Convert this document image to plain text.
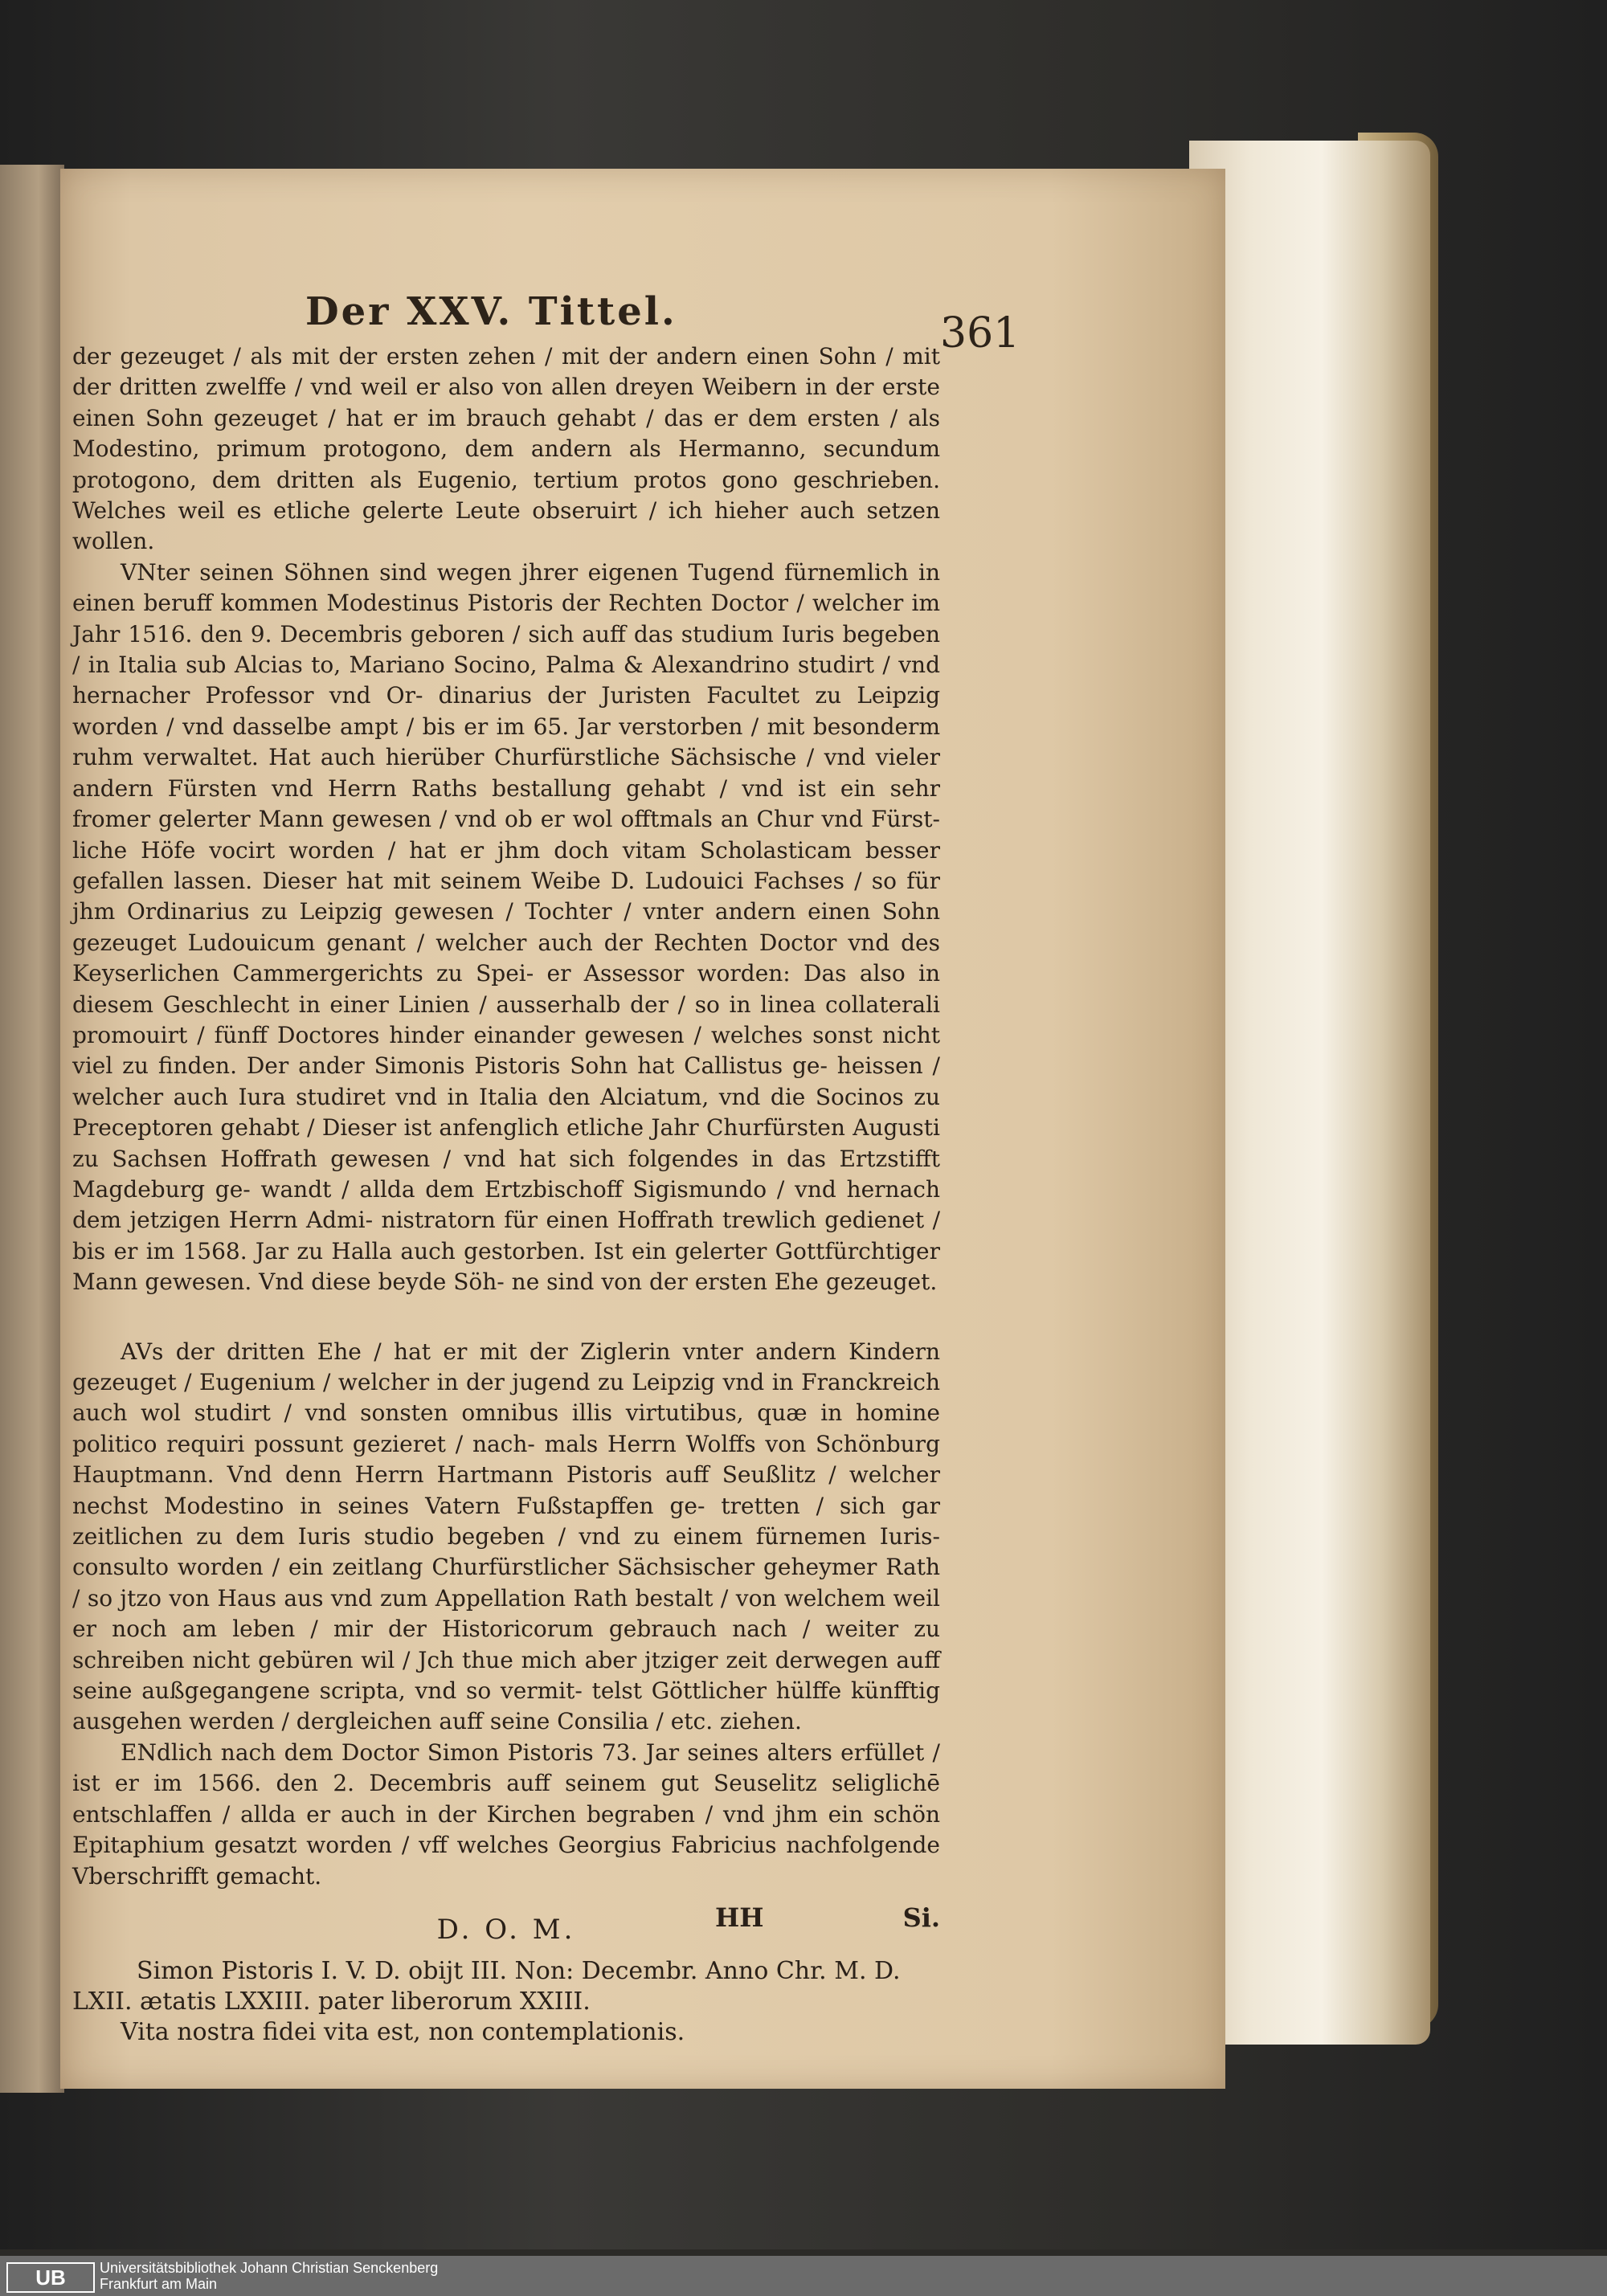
Der XXV. Tittel.	361

der gezeuget / als mit der ersten zehen / mit der andern einen Sohn / mit der dritten zwelffe / vnd weil er also von allen dreyen Weibern in der erste einen Sohn gezeuget / hat er im brauch gehabt / das er dem ersten / als Modestino, primum protogono, dem andern als Hermanno, secundum protogono, dem dritten als Eugenio, tertium protos gono geschrieben. Welches weil es etliche gelerte Leute obseruirt / ich hieher auch setzen wollen.

VNter seinen Söhnen sind wegen jhrer eigenen Tugend fürnemlich in einen beruff kommen Modestinus Pistoris der Rechten Doctor / welcher im Jahr 1516. den 9. Decembris geboren / sich auff das studium Iuris begeben / in Italia sub Alcias to, Mariano Socino, Palma & Alexandrino studirt / vnd hernacher Professor vnd Or- dinarius der Juristen Facultet zu Leipzig worden / vnd dasselbe ampt / bis er im 65. Jar verstorben / mit besonderm ruhm verwaltet. Hat auch hierüber Churfürstliche Sächsische / vnd vieler andern Fürsten vnd Herrn Raths bestallung gehabt / vnd ist ein sehr fromer gelerter Mann gewesen / vnd ob er wol offtmals an Chur vnd Fürst- liche Höfe vocirt worden / hat er jhm doch vitam Scholasticam besser gefallen lassen. Dieser hat mit seinem Weibe D. Ludouici Fachses / so für jhm Ordinarius zu Leipzig gewesen / Tochter / vnter andern einen Sohn gezeuget Ludouicum genant / welcher auch der Rechten Doctor vnd des Keyserlichen Cammergerichts zu Spei- er Assessor worden: Das also in diesem Geschlecht in einer Linien / ausserhalb der / so in linea collaterali promouirt / fünff Doctores hinder einander gewesen / welches sonst nicht viel zu finden. Der ander Simonis Pistoris Sohn hat Callistus ge- heissen / welcher auch Iura studiret vnd in Italia den Alciatum, vnd die Socinos zu Preceptoren gehabt / Dieser ist anfenglich etliche Jahr Churfürsten Augusti zu Sachsen Hoffrath gewesen / vnd hat sich folgendes in das Ertzstifft Magdeburg ge- wandt / allda dem Ertzbischoff Sigismundo / vnd hernach dem jetzigen Herrn Admi- nistratorn für einen Hoffrath trewlich gedienet / bis er im 1568. Jar zu Halla auch gestorben. Ist ein gelerter Gottfürchtiger Mann gewesen. Vnd diese beyde Söh- ne sind von der ersten Ehe gezeuget.

AVs der dritten Ehe / hat er mit der Ziglerin vnter andern Kindern gezeuget / Eugenium / welcher in der jugend zu Leipzig vnd in Franckreich auch wol studirt / vnd sonsten omnibus illis virtutibus, quæ in homine politico requiri possunt gezieret / nach- mals Herrn Wolffs von Schönburg Hauptmann. Vnd denn Herrn Hartmann Pistoris auff Seußlitz / welcher nechst Modestino in seines Vatern Fußstapffen ge- tretten / sich gar zeitlichen zu dem Iuris studio begeben / vnd zu einem fürnemen Iuris- consulto worden / ein zeitlang Churfürstlicher Sächsischer geheymer Rath / so jtzo von Haus aus vnd zum Appellation Rath bestalt / von welchem weil er noch am leben / mir der Historicorum gebrauch nach / weiter zu schreiben nicht gebüren wil / Jch thue mich aber jtziger zeit derwegen auff seine außgegangene scripta, vnd so vermit- telst Göttlicher hülffe künfftig ausgehen werden / dergleichen auff seine Consilia / etc. ziehen.

ENdlich nach dem Doctor Simon Pistoris 73. Jar seines alters erfüllet / ist er im 1566. den 2. Decembris auff seinem gut Seuselitz seliglichē entschlaffen / allda er auch in der Kirchen begraben / vnd jhm ein schön Epitaphium gesatzt worden / vff welches Georgius Fabricius nachfolgende Vberschrifft gemacht.

D. O. M.

Simon Pistoris I. V. D. obijt III. Non: Decembr. Anno Chr. M. D.

LXII. ætatis LXXIII. pater liberorum XXIII.

Vita nostra fidei vita est, non contemplationis.

HH	Si.
UB	Universitätsbibliothek Johann Christian Senckenberg
Frankfurt am Main
